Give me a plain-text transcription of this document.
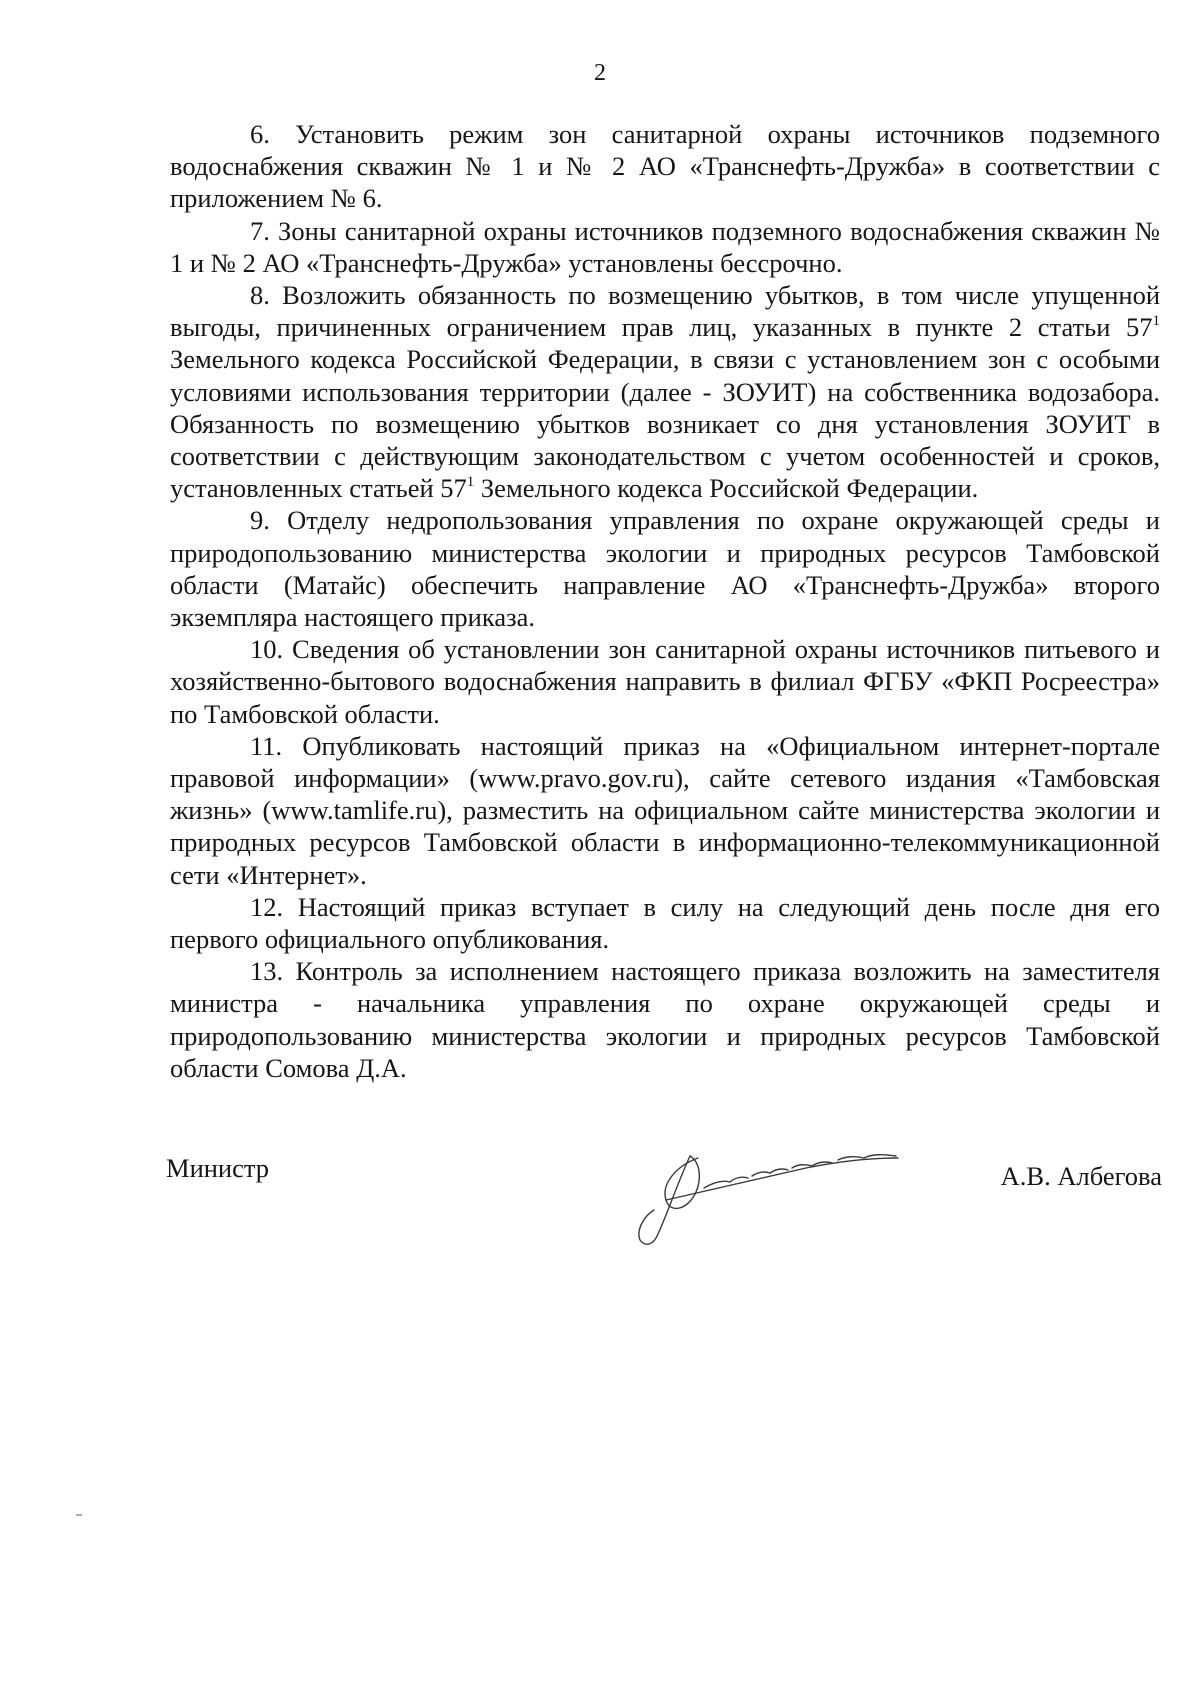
2

6. Установить режим зон санитарной охраны источников подземного водоснабжения скважин № 1 и № 2 АО «Транснефть-Дружба» в соответствии с приложением № 6.

7. Зоны санитарной охраны источников подземного водоснабжения скважин № 1 и № 2 АО «Транснефть-Дружба» установлены бессрочно.

8. Возложить обязанность по возмещению убытков, в том числе упущенной выгоды, причиненных ограничением прав лиц, указанных в пункте 2 статьи $57^1$ Земельного кодекса Российской Федерации, в связи с установлением зон с особыми условиями использования территории (далее - ЗОУИТ) на собственника водозабора. Обязанность по возмещению убытков возникает со дня установления ЗОУИТ в соответствии с действующим законодательством с учетом особенностей и сроков, установленных статьей $57^1$ Земельного кодекса Российской Федерации.

9. Отделу недропользования управления по охране окружающей среды и природопользованию министерства экологии и природных ресурсов Тамбовской области (Матайс) обеспечить направление АО «Транснефть-Дружба» второго экземпляра настоящего приказа.

10. Сведения об установлении зон санитарной охраны источников питьевого и хозяйственно-бытового водоснабжения направить в филиал ФГБУ «ФКП Росреестра» по Тамбовской области.

11. Опубликовать настоящий приказ на «Официальном интернет-портале правовой информации» (www.pravo.gov.ru), сайте сетевого издания «Тамбовская жизнь» (www.tamlife.ru), разместить на официальном сайте министерства экологии и природных ресурсов Тамбовской области в информационно-телекоммуникационной сети «Интернет».

12. Настоящий приказ вступает в силу на следующий день после дня его первого официального опубликования.

13. Контроль за исполнением настоящего приказа возложить на заместителя министра - начальника управления по охране окружающей среды и природопользованию министерства экологии и природных ресурсов Тамбовской области Сомова Д.А.

Министр	А.В. Албегова
